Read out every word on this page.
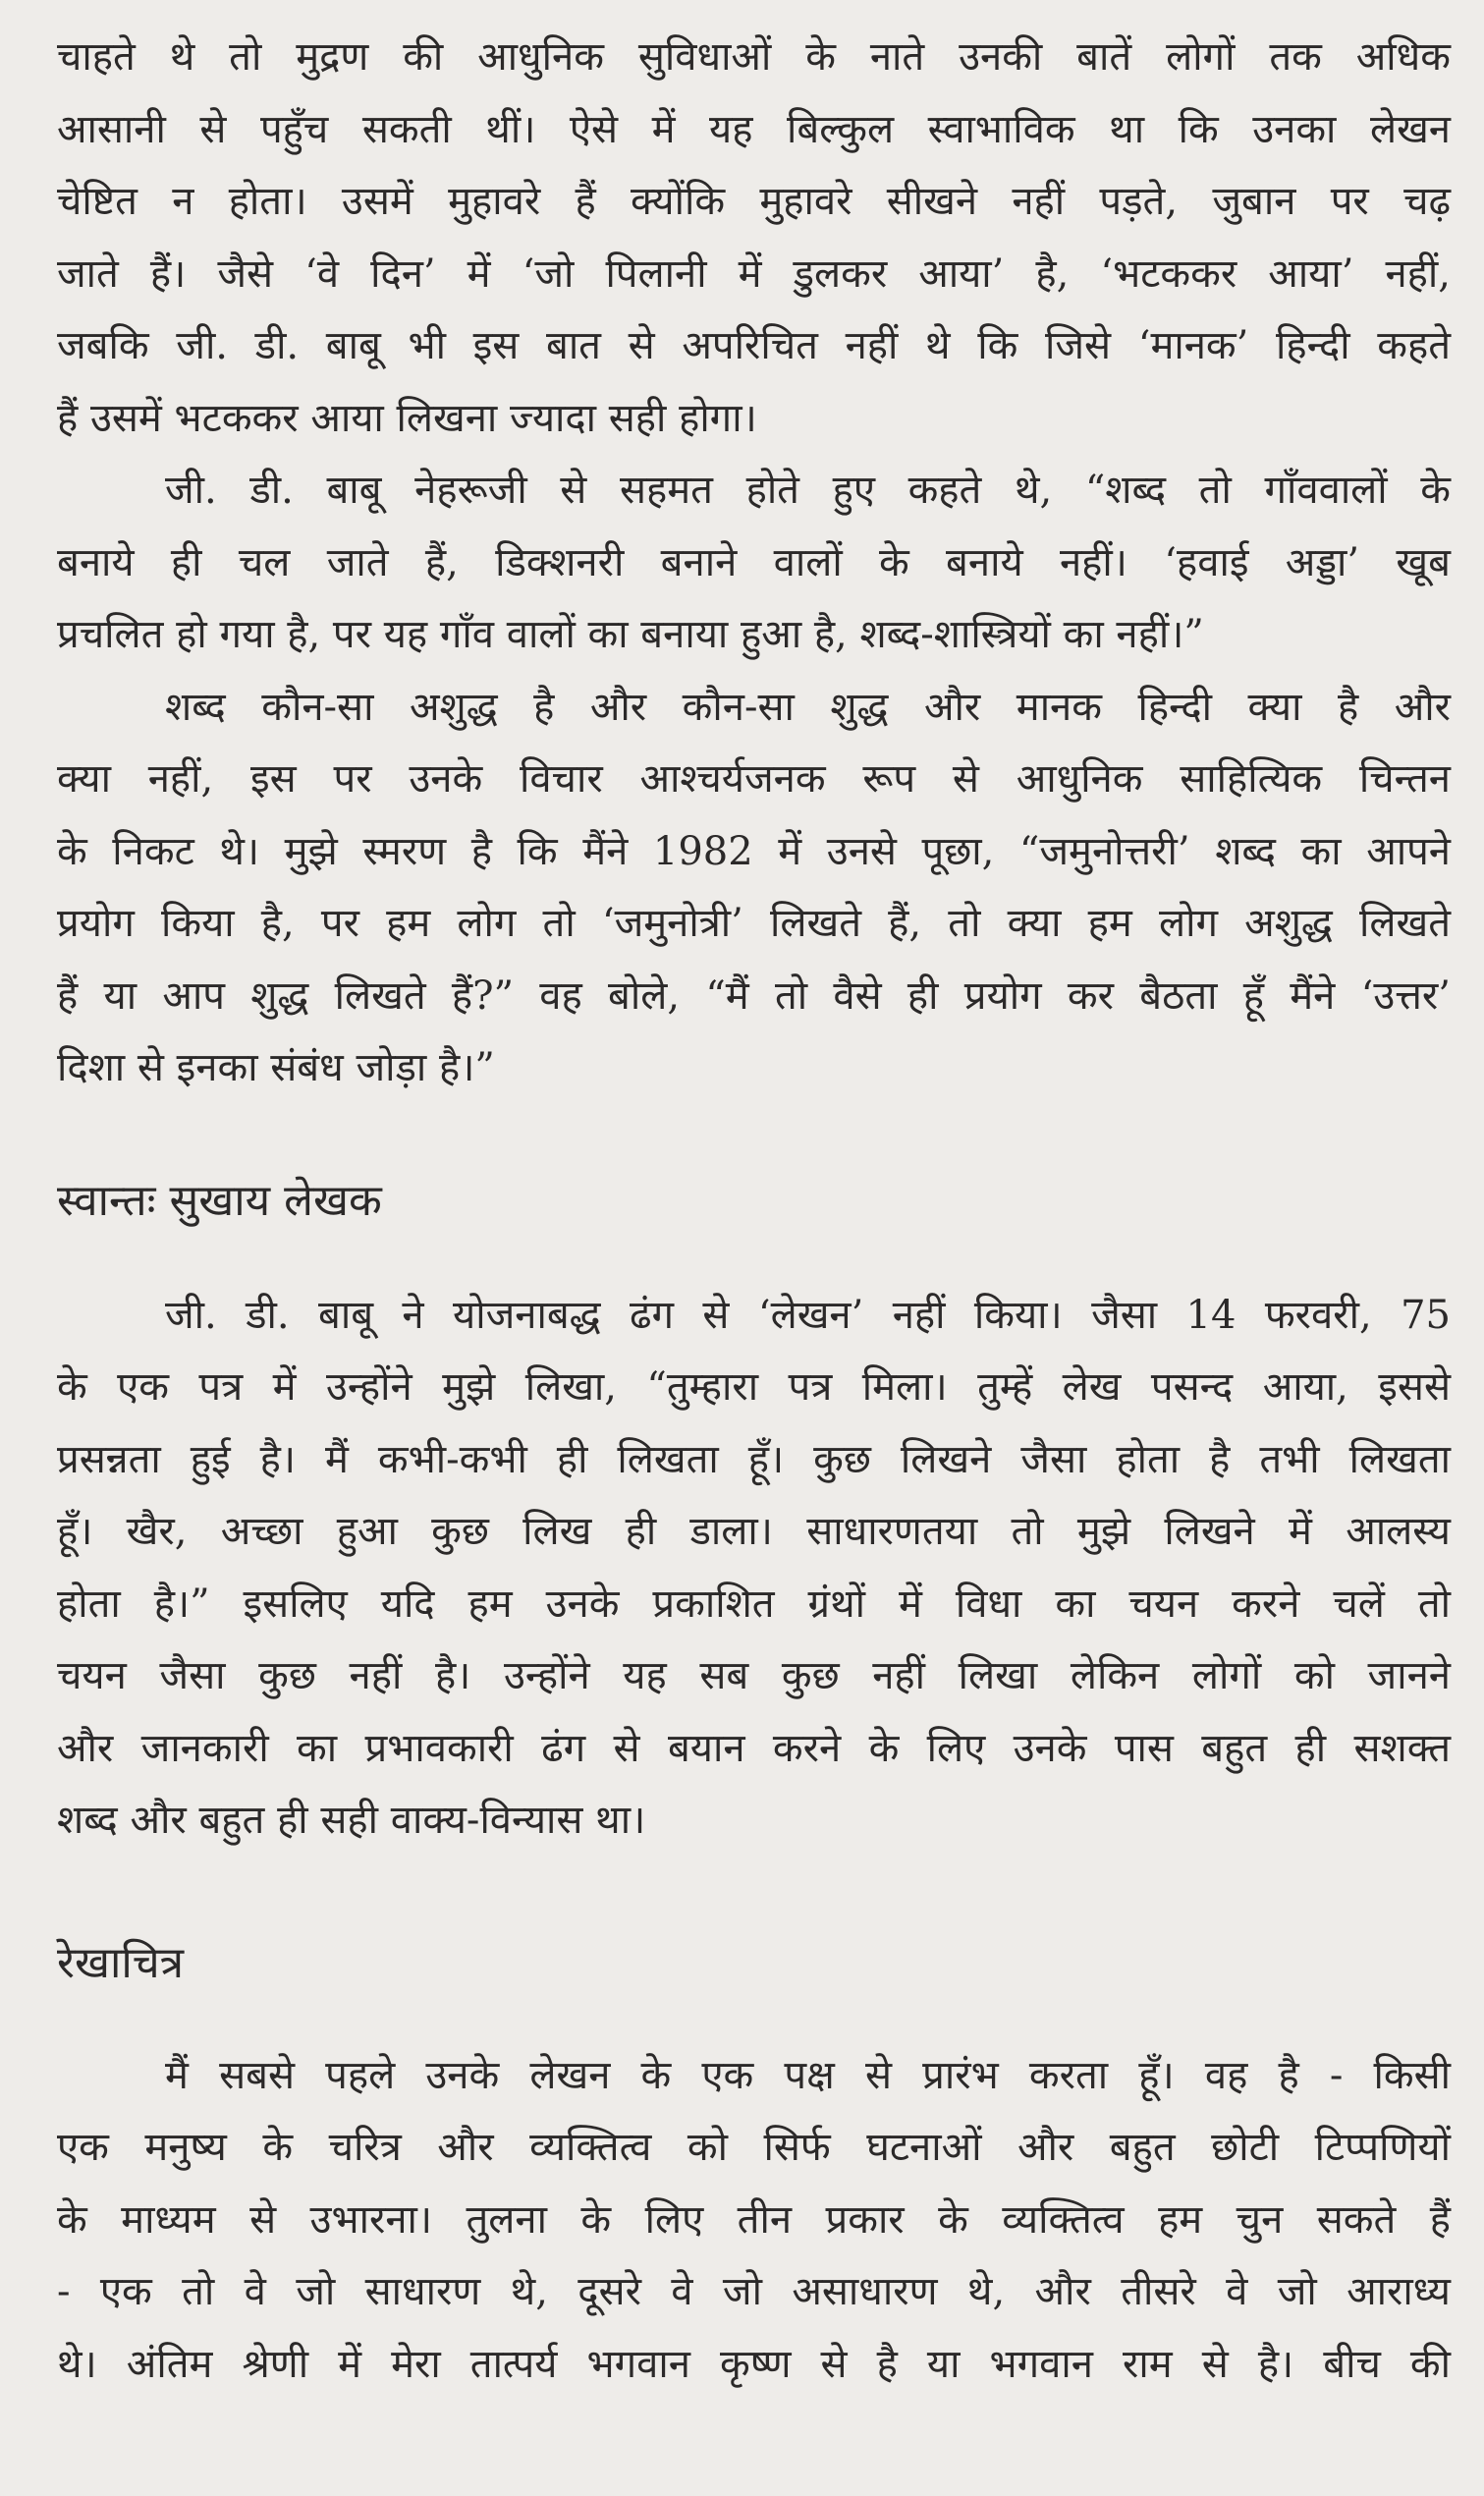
चाहते थे तो मुद्रण की आधुनिक सुविधाओं के नाते उनकी बातें लोगों तक अधिक
आसानी से पहुँच सकती थीं। ऐसे में यह बिल्कुल स्वाभाविक था कि उनका लेखन
चेष्टित न होता। उसमें मुहावरे हैं क्योंकि मुहावरे सीखने नहीं पड़ते, जुबान पर चढ़
जाते हैं। जैसे ‘वे दिन’ में ‘जो पिलानी में डुलकर आया’ है, ‘भटककर आया’ नहीं,
जबकि जी. डी. बाबू भी इस बात से अपरिचित नहीं थे कि जिसे ‘मानक’ हिन्दी कहते
हैं उसमें भटककर आया लिखना ज्यादा सही होगा।

जी. डी. बाबू नेहरूजी से सहमत होते हुए कहते थे, “शब्द तो गाँववालों के
बनाये ही चल जाते हैं, डिक्शनरी बनाने वालों के बनाये नहीं। ‘हवाई अड्डा’ खूब
प्रचलित हो गया है, पर यह गाँव वालों का बनाया हुआ है, शब्द-शास्त्रियों का नहीं।”

शब्द कौन-सा अशुद्ध है और कौन-सा शुद्ध और मानक हिन्दी क्या है और
क्या नहीं, इस पर उनके विचार आश्चर्यजनक रूप से आधुनिक साहित्यिक चिन्तन
के निकट थे। मुझे स्मरण है कि मैंने 1982 में उनसे पूछा, “जमुनोत्तरी’ शब्द का आपने
प्रयोग किया है, पर हम लोग तो ‘जमुनोत्री’ लिखते हैं, तो क्या हम लोग अशुद्ध लिखते
हैं या आप शुद्ध लिखते हैं?” वह बोले, “मैं तो वैसे ही प्रयोग कर बैठता हूँ मैंने ‘उत्तर’
दिशा से इनका संबंध जोड़ा है।”

स्वान्तः सुखाय लेखक

जी. डी. बाबू ने योजनाबद्ध ढंग से ‘लेखन’ नहीं किया। जैसा 14 फरवरी, 75
के एक पत्र में उन्होंने मुझे लिखा, “तुम्हारा पत्र मिला। तुम्हें लेख पसन्द आया, इससे
प्रसन्नता हुई है। मैं कभी-कभी ही लिखता हूँ। कुछ लिखने जैसा होता है तभी लिखता
हूँ। खैर, अच्छा हुआ कुछ लिख ही डाला। साधारणतया तो मुझे लिखने में आलस्य
होता है।” इसलिए यदि हम उनके प्रकाशित ग्रंथों में विधा का चयन करने चलें तो
चयन जैसा कुछ नहीं है। उन्होंने यह सब कुछ नहीं लिखा लेकिन लोगों को जानने
और जानकारी का प्रभावकारी ढंग से बयान करने के लिए उनके पास बहुत ही सशक्त
शब्द और बहुत ही सही वाक्य-विन्यास था।

रेखाचित्र

मैं सबसे पहले उनके लेखन के एक पक्ष से प्रारंभ करता हूँ। वह है - किसी
एक मनुष्य के चरित्र और व्यक्तित्व को सिर्फ घटनाओं और बहुत छोटी टिप्पणियों
के माध्यम से उभारना। तुलना के लिए तीन प्रकार के व्यक्तित्व हम चुन सकते हैं
- एक तो वे जो साधारण थे, दूसरे वे जो असाधारण थे, और तीसरे वे जो आराध्य
थे। अंतिम श्रेणी में मेरा तात्पर्य भगवान कृष्ण से है या भगवान राम से है। बीच की
